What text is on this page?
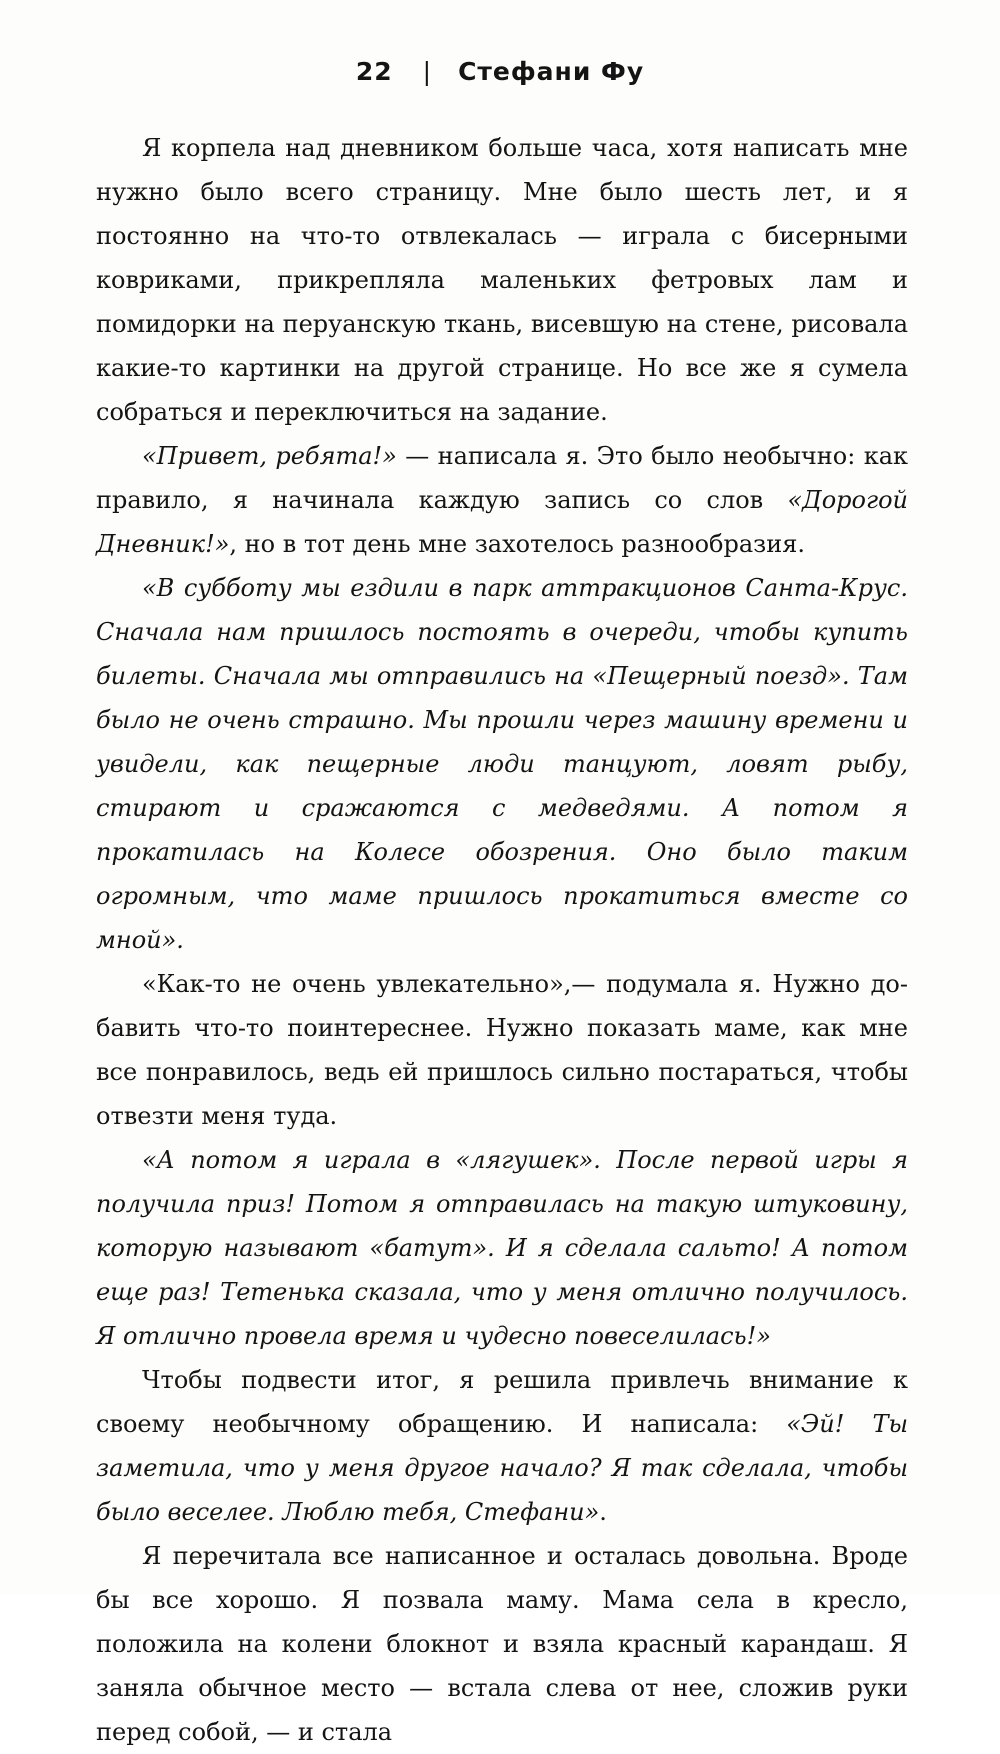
22 | Стефани Фу

Я корпела над дневником больше часа, хотя написать мне нужно было всего страницу. Мне было шесть лет, и я постоянно на что-то отвлекалась — играла с бисерными ковриками, прикрепляла маленьких фетровых лам и помидорки на перуанскую ткань, висевшую на стене, рисовала какие-то картинки на другой странице. Но все же я сумела собраться и переключиться на задание.

«Привет, ребята!» — написала я. Это было необычно: как правило, я начинала каждую запись со слов «Дорогой Дневник!», но в тот день мне захотелось разнообразия.

«В субботу мы ездили в парк аттракционов Санта-Крус. Сначала нам пришлось постоять в очереди, чтобы купить билеты. Сначала мы отправились на «Пещерный поезд». Там было не очень страшно. Мы прошли через машину времени и увидели, как пещерные люди танцуют, ловят рыбу, стирают и сражаются с медведями. А потом я прокатилась на Колесе обозрения. Оно было таким огромным, что маме пришлось прокатиться вместе со мной».

«Как-то не очень увлекательно»,— подумала я. Нужно добавить что-то поинтереснее. Нужно показать маме, как мне все понравилось, ведь ей пришлось сильно постараться, чтобы отвезти меня туда.

«А потом я играла в «лягушек». После первой игры я получила приз! Потом я отправилась на такую штуковину, которую называют «батут». И я сделала сальто! А потом еще раз! Тетенька сказала, что у меня отлично получилось. Я отлично провела время и чудесно повеселилась!»

Чтобы подвести итог, я решила привлечь внимание к своему необычному обращению. И написала: «Эй! Ты заметила, что у меня другое начало? Я так сделала, чтобы было веселее. Люблю тебя, Стефани».

Я перечитала все написанное и осталась довольна. Вроде бы все хорошо. Я позвала маму. Мама села в кресло, положила на колени блокнот и взяла красный карандаш. Я заняла обычное место — встала слева от нее, сложив руки перед собой, — и стала
